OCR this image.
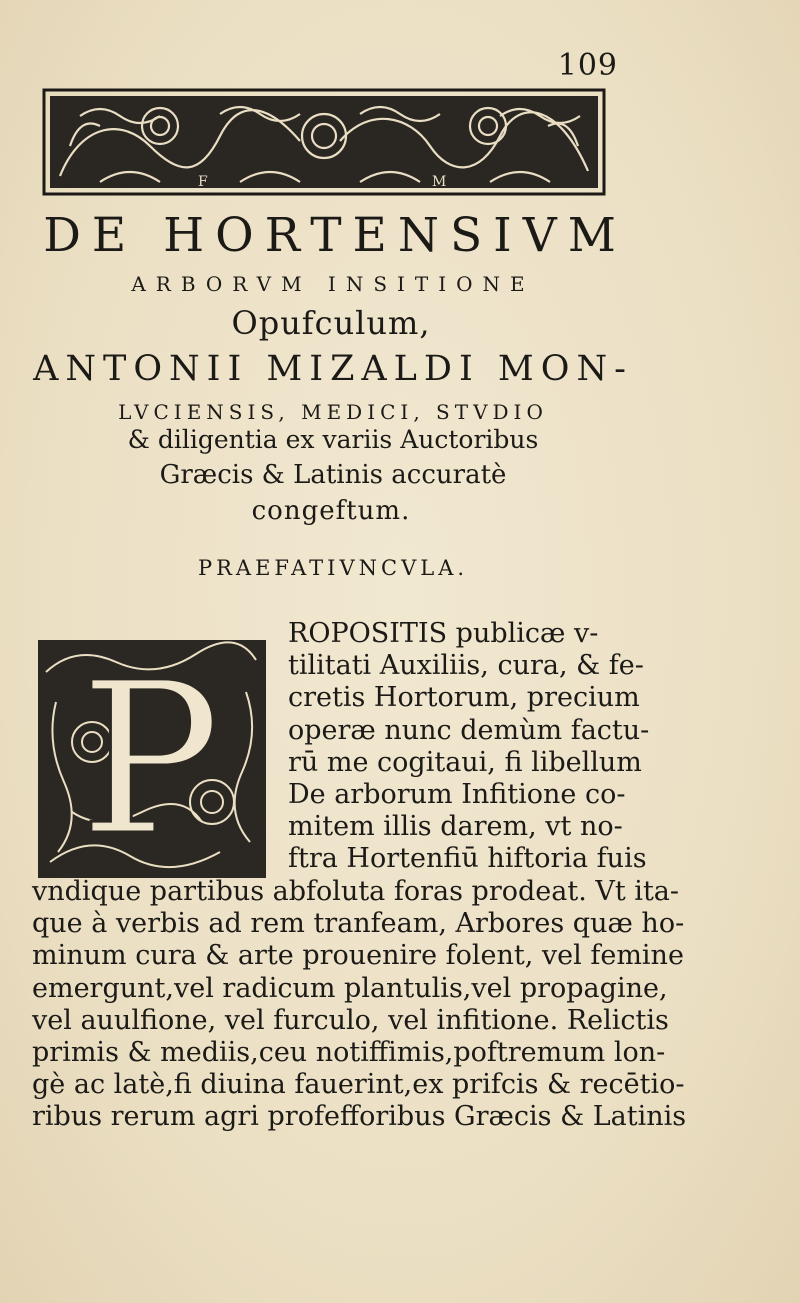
109
F	M
DE HORTENSIVM
ARBORVM INSITIONE
Opufculum,
ANTONII MIZALDI MON-
LVCIENSIS, MEDICI, STVDIO
& diligentia ex variis Auctoribus
Græcis & Latinis accuratè
congeftum.
PRAEFATIVNCVLA.
P
ROPOSITIS publicæ v-
tilitati Auxiliis, cura, & fe-
cretis Hortorum, precium
operæ nunc demùm factu-
rū me cogitaui, fi libellum
De arborum Infitione co-
mitem illis darem, vt no-
ftra Hortenfiū hiftoria fuis
vndique partibus abfoluta foras prodeat. Vt ita-
que à verbis ad rem tranfeam, Arbores quæ ho-
minum cura & arte prouenire folent, vel femine
emergunt,vel radicum plantulis,vel propagine,
vel auulfione, vel furculo, vel infitione. Relictis
primis & mediis,ceu notiffimis,poftremum lon-
gè ac latè,fi diuina fauerint,ex prifcis & recētio-
ribus rerum agri profefforibus Græcis & Latinis
